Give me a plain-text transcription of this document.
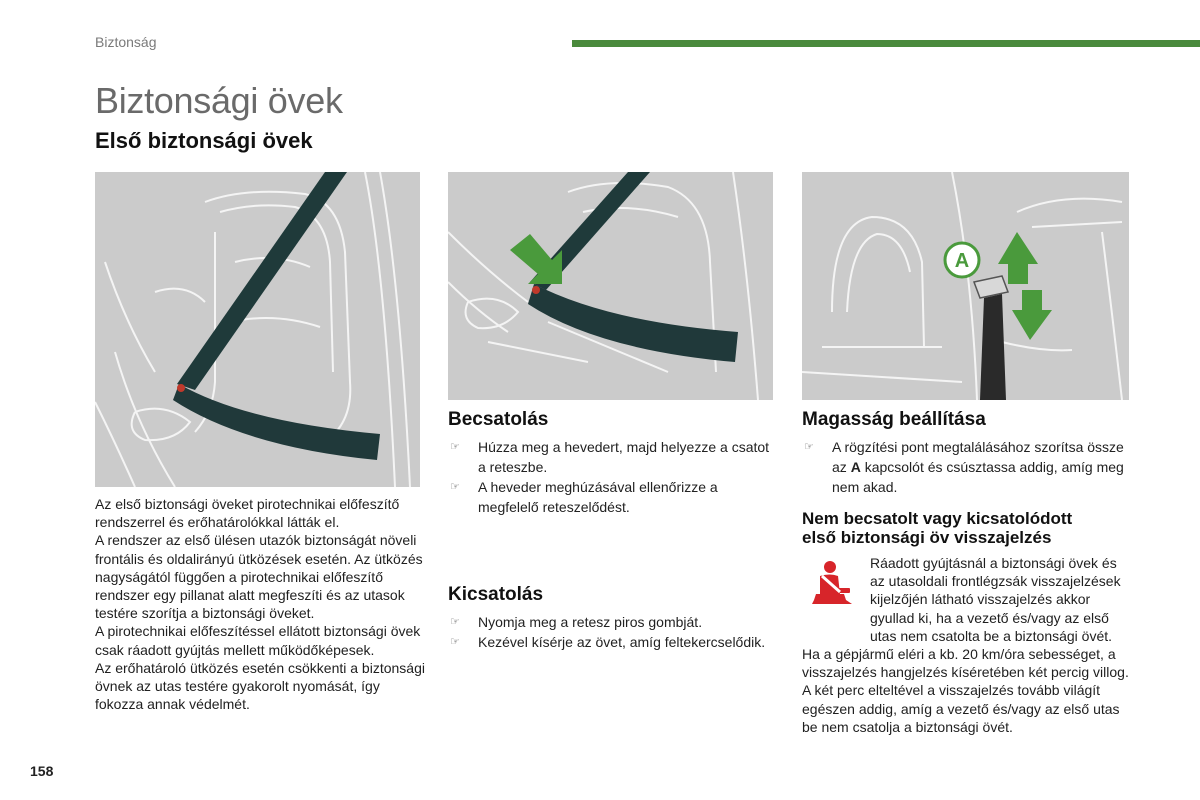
Biztonság
Biztonsági övek
Első biztonsági övek
A
Az első biztonsági öveket pirotechnikai előfeszítő rendszerrel és erőhatárolókkal látták el.
A rendszer az első ülésen utazók biztonságát növeli frontális és oldalirányú ütközések esetén. Az ütközés nagyságától függően a pirotechnikai előfeszítő rendszer egy pillanat alatt megfeszíti és az utasok testére szorítja a biztonsági öveket.
A pirotechnikai előfeszítéssel ellátott biztonsági övek csak ráadott gyújtás mellett működőképesek.
Az erőhatároló ütközés esetén csökkenti a biztonsági övnek az utas testére gyakorolt nyomását, így fokozza annak védelmét.
Becsatolás
☞ Húzza meg a hevedert, majd helyezze a csatot a reteszbe.
☞ A heveder meghúzásával ellenőrizze a megfelelő reteszelődést.
Kicsatolás
☞ Nyomja meg a retesz piros gombját.
☞ Kezével kísérje az övet, amíg feltekercselődik.
Magasság beállítása
☞ A rögzítési pont megtalálásához szorítsa össze az A kapcsolót és csúsztassa addig, amíg meg nem akad.
Nem becsatolt vagy kicsatolódott
első biztonsági öv visszajelzés
Ráadott gyújtásnál a biztonsági övek és az utasoldali frontlégzsák visszajelzések kijelzőjén látható visszajelzés akkor gyullad ki, ha a vezető és/vagy az első utas nem csatolta be a biztonsági övét.
Ha a gépjármű eléri a kb. 20 km/óra sebességet, a visszajelzés hangjelzés kíséretében két percig villog. A két perc elteltével a visszajelzés tovább világít egészen addig, amíg a vezető és/vagy az első utas be nem csatolja a biztonsági övét.
158
